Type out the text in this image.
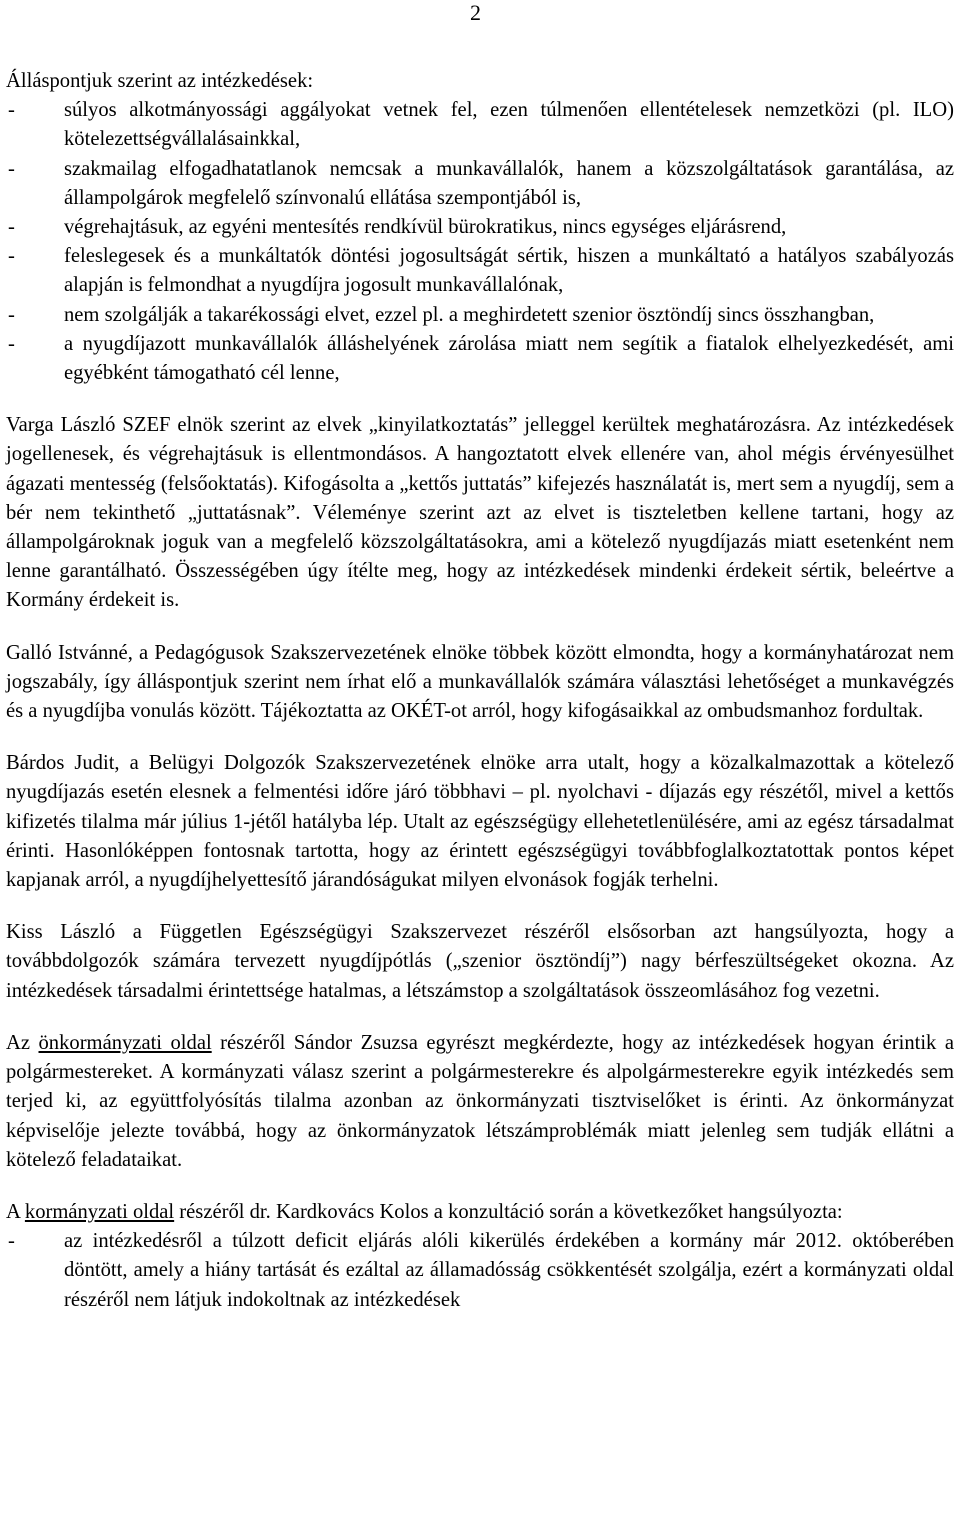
2

Álláspontjuk szerint az intézkedések:

- súlyos alkotmányossági aggályokat vetnek fel, ezen túlmenően ellentételesek nemzetközi (pl. ILO) kötelezettségvállalásainkkal,
- szakmailag elfogadhatatlanok nemcsak a munkavállalók, hanem a közszolgáltatások garantálása, az állampolgárok megfelelő színvonalú ellátása szempontjából is,
- végrehajtásuk, az egyéni mentesítés rendkívül bürokratikus, nincs egységes eljárásrend,
- feleslegesek és a munkáltatók döntési jogosultságát sértik, hiszen a munkáltató a hatályos szabályozás alapján is felmondhat a nyugdíjra jogosult munkavállalónak,
- nem szolgálják a takarékossági elvet, ezzel pl. a meghirdetett szenior ösztöndíj sincs összhangban,
- a nyugdíjazott munkavállalók álláshelyének zárolása miatt nem segítik a fiatalok elhelyezkedését, ami egyébként támogatható cél lenne,

Varga László SZEF elnök szerint az elvek „kinyilatkoztatás” jelleggel kerültek meghatározásra. Az intézkedések jogellenesek, és végrehajtásuk is ellentmondásos. A hangoztatott elvek ellenére van, ahol mégis érvényesülhet ágazati mentesség (felsőoktatás). Kifogásolta a „kettős juttatás” kifejezés használatát is, mert sem a nyugdíj, sem a bér nem tekinthető „juttatásnak”. Véleménye szerint azt az elvet is tiszteletben kellene tartani, hogy az állampolgároknak joguk van a megfelelő közszolgáltatásokra, ami a kötelező nyugdíjazás miatt esetenként nem lenne garantálható. Összességében úgy ítélte meg, hogy az intézkedések mindenki érdekeit sértik, beleértve a Kormány érdekeit is.

Galló Istvánné, a Pedagógusok Szakszervezetének elnöke többek között elmondta, hogy a kormányhatározat nem jogszabály, így álláspontjuk szerint nem írhat elő a munkavállalók számára választási lehetőséget a munkavégzés és a nyugdíjba vonulás között. Tájékoztatta az OKÉT-ot arról, hogy kifogásaikkal az ombudsmanhoz fordultak.

Bárdos Judit, a Belügyi Dolgozók Szakszervezetének elnöke arra utalt, hogy a közalkalmazottak a kötelező nyugdíjazás esetén elesnek a felmentési időre járó többhavi – pl. nyolchavi - díjazás egy részétől, mivel a kettős kifizetés tilalma már július 1-jétől hatályba lép. Utalt az egészségügy ellehetetlenülésére, ami az egész társadalmat érinti. Hasonlóképpen fontosnak tartotta, hogy az érintett egészségügyi továbbfoglalkoztatottak pontos képet kapjanak arról, a nyugdíjhelyettesítő járandóságukat milyen elvonások fogják terhelni.

Kiss László a Független Egészségügyi Szakszervezet részéről elsősorban azt hangsúlyozta, hogy a továbbdolgozók számára tervezett nyugdíjpótlás („szenior ösztöndíj”) nagy bérfeszültségeket okozna. Az intézkedések társadalmi érintettsége hatalmas, a létszámstop a szolgáltatások összeomlásához fog vezetni.

Az önkormányzati oldal részéről Sándor Zsuzsa egyrészt megkérdezte, hogy az intézkedések hogyan érintik a polgármestereket. A kormányzati válasz szerint a polgármesterekre és alpolgármesterekre egyik intézkedés sem terjed ki, az együttfolyósítás tilalma azonban az önkormányzati tisztviselőket is érinti. Az önkormányzat képviselője jelezte továbbá, hogy az önkormányzatok létszámproblémák miatt jelenleg sem tudják ellátni a kötelező feladataikat.

A kormányzati oldal részéről dr. Kardkovács Kolos a konzultáció során a következőket hangsúlyozta:

- az intézkedésről a túlzott deficit eljárás alóli kikerülés érdekében a kormány már 2012. októberében döntött, amely a hiány tartását és ezáltal az államadósság csökkentését szolgálja, ezért a kormányzati oldal részéről nem látjuk indokoltnak az intézkedések
